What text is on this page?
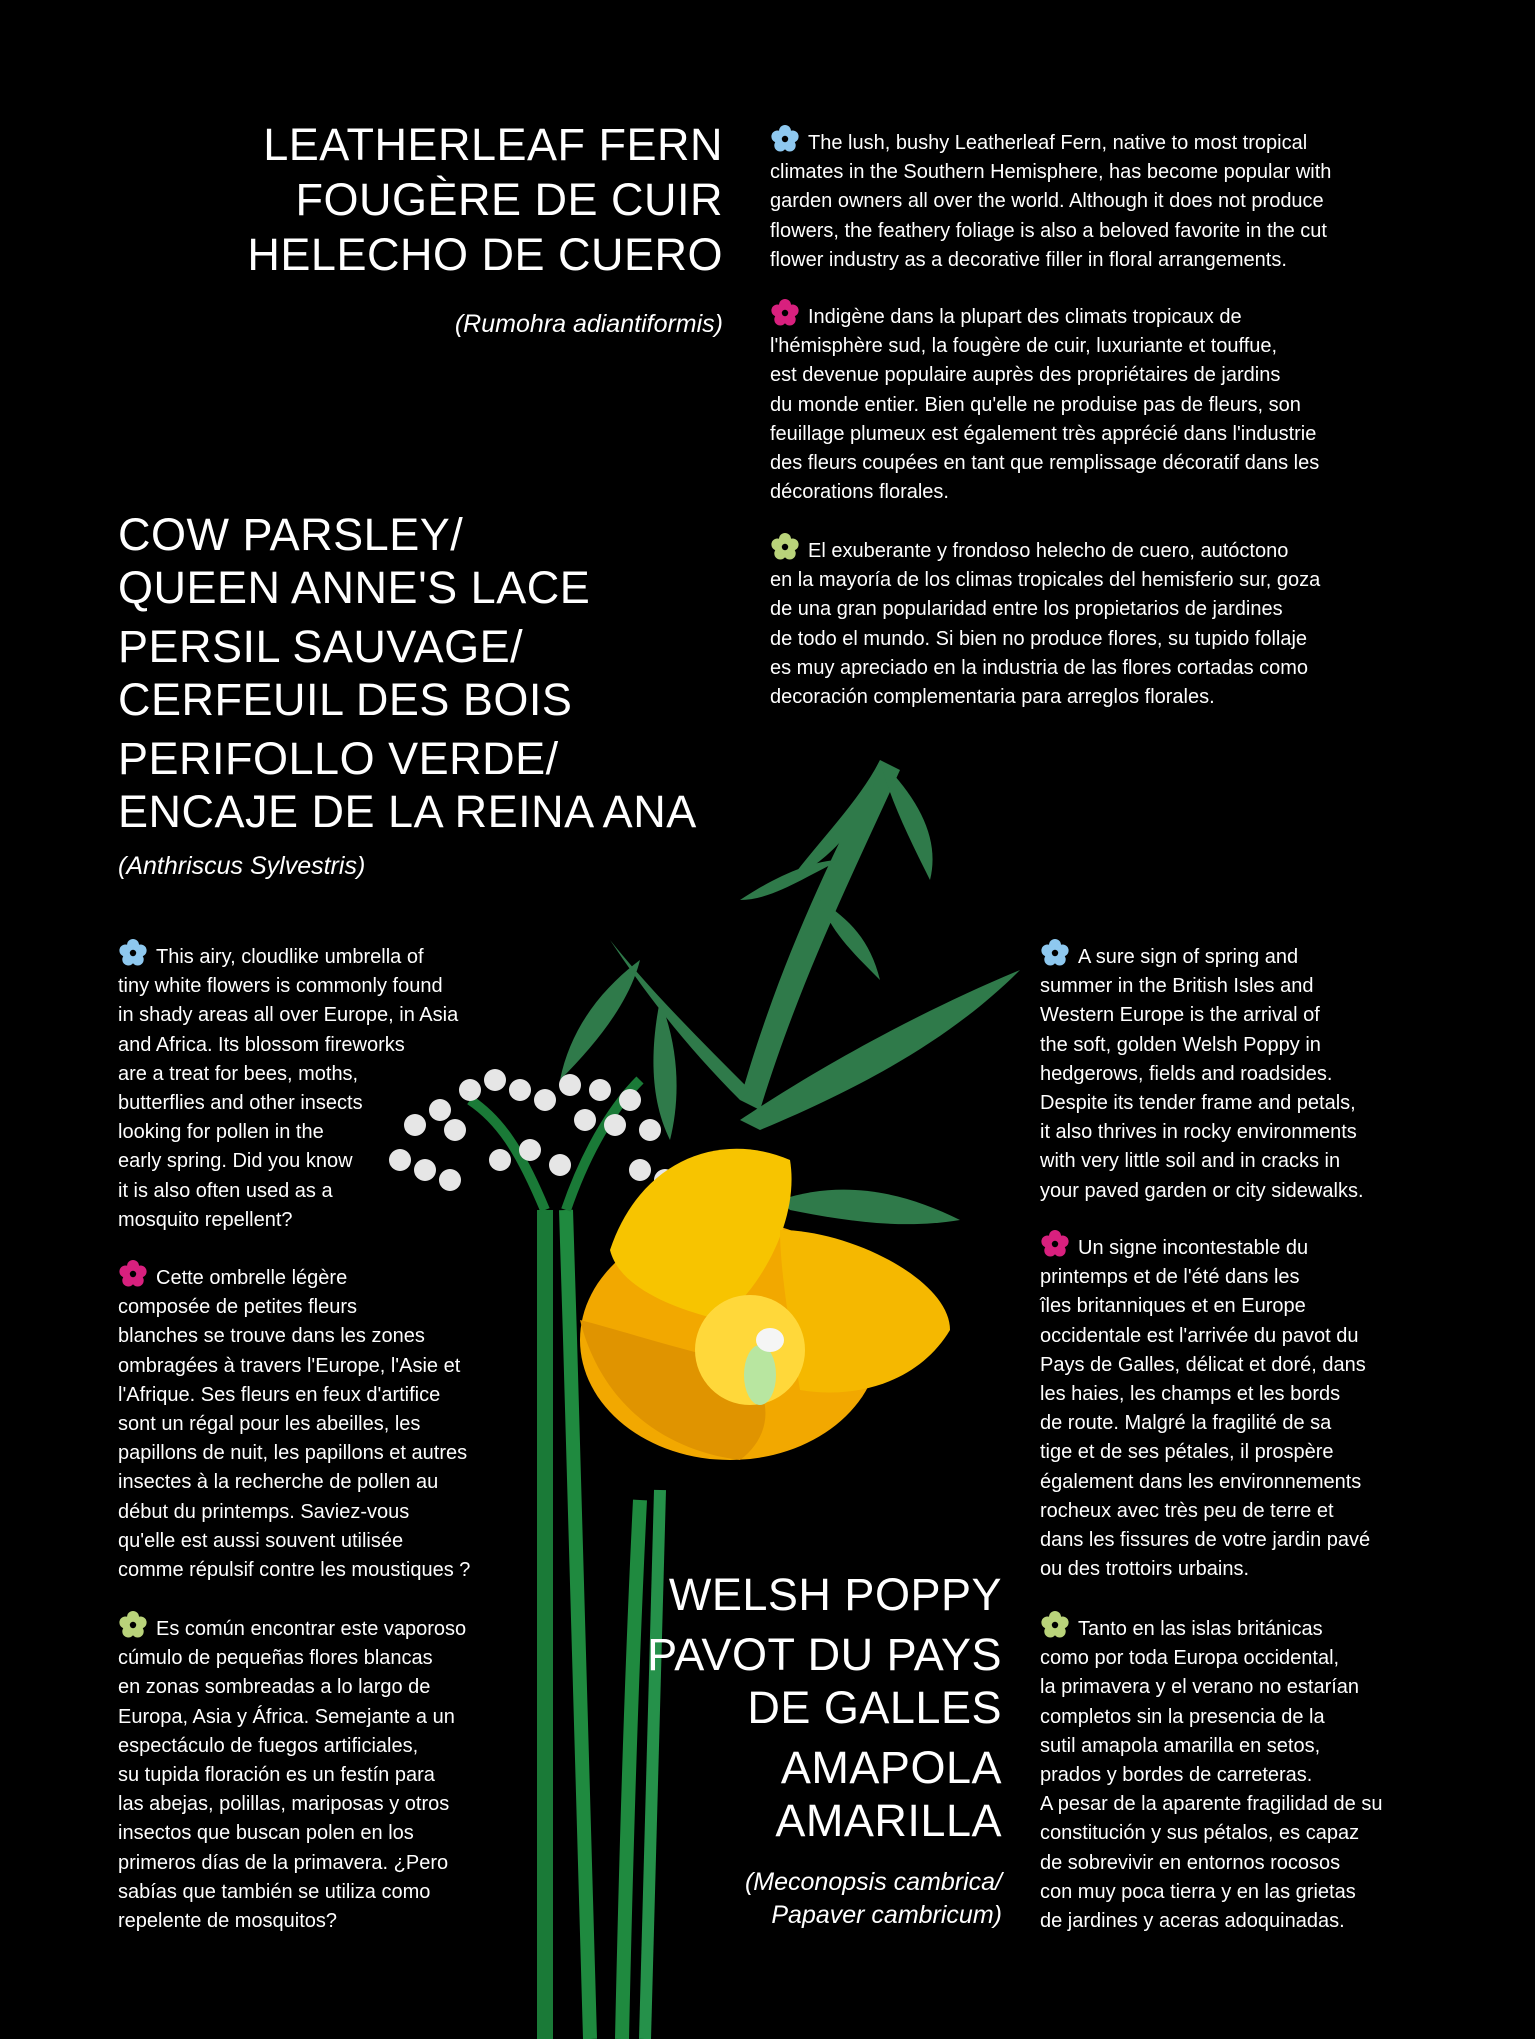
LEATHERLEAF FERN
FOUGÈRE DE CUIR
HELECHO DE CUERO
(Rumohra adiantiformis)
The lush, bushy Leatherleaf Fern, native to most tropical
climates in the Southern Hemisphere, has become popular with
garden owners all over the world. Although it does not produce
flowers, the feathery foliage is also a beloved favorite in the cut
flower industry as a decorative filler in floral arrangements.
Indigène dans la plupart des climats tropicaux de
l'hémisphère sud, la fougère de cuir, luxuriante et touffue,
est devenue populaire auprès des propriétaires de jardins
du monde entier. Bien qu'elle ne produise pas de fleurs, son
feuillage plumeux est également très apprécié dans l'industrie
des fleurs coupées en tant que remplissage décoratif dans les
décorations florales.
El exuberante y frondoso helecho de cuero, autóctono
en la mayoría de los climas tropicales del hemisferio sur, goza
de una gran popularidad entre los propietarios de jardines
de todo el mundo. Si bien no produce flores, su tupido follaje
es muy apreciado en la industria de las flores cortadas como
decoración complementaria para arreglos florales.
COW PARSLEY/
QUEEN ANNE'S LACE
PERSIL SAUVAGE/
CERFEUIL DES BOIS
PERIFOLLO VERDE/
ENCAJE DE LA REINA ANA
(Anthriscus Sylvestris)
This airy, cloudlike umbrella of
tiny white flowers is commonly found
in shady areas all over Europe, in Asia
and Africa. Its blossom fireworks
are a treat for bees, moths,
butterflies and other insects
looking for pollen in the
early spring. Did you know
it is also often used as a
mosquito repellent?
Cette ombrelle légère
composée de petites fleurs
blanches se trouve dans les zones
ombragées à travers l'Europe, l'Asie et
l'Afrique. Ses fleurs en feux d'artifice
sont un régal pour les abeilles, les
papillons de nuit, les papillons et autres
insectes à la recherche de pollen au
début du printemps. Saviez-vous
qu'elle est aussi souvent utilisée
comme répulsif contre les moustiques ?
Es común encontrar este vaporoso
cúmulo de pequeñas flores blancas
en zonas sombreadas a lo largo de
Europa, Asia y África. Semejante a un
espectáculo de fuegos artificiales,
su tupida floración es un festín para
las abejas, polillas, mariposas y otros
insectos que buscan polen en los
primeros días de la primavera. ¿Pero
sabías que también se utiliza como
repelente de mosquitos?
WELSH POPPY
PAVOT DU PAYS
DE GALLES
AMAPOLA
AMARILLA
(Meconopsis cambrica/
Papaver cambricum)
A sure sign of spring and
summer in the British Isles and
Western Europe is the arrival of
the soft, golden Welsh Poppy in
hedgerows, fields and roadsides.
Despite its tender frame and petals,
it also thrives in rocky environments
with very little soil and in cracks in
your paved garden or city sidewalks.
Un signe incontestable du
printemps et de l'été dans les
îles britanniques et en Europe
occidentale est l'arrivée du pavot du
Pays de Galles, délicat et doré, dans
les haies, les champs et les bords
de route. Malgré la fragilité de sa
tige et de ses pétales, il prospère
également dans les environnements
rocheux avec très peu de terre et
dans les fissures de votre jardin pavé
ou des trottoirs urbains.
Tanto en las islas británicas
como por toda Europa occidental,
la primavera y el verano no estarían
completos sin la presencia de la
sutil amapola amarilla en setos,
prados y bordes de carreteras.
A pesar de la aparente fragilidad de su
constitución y sus pétalos, es capaz
de sobrevivir en entornos rocosos
con muy poca tierra y en las grietas
de jardines y aceras adoquinadas.
